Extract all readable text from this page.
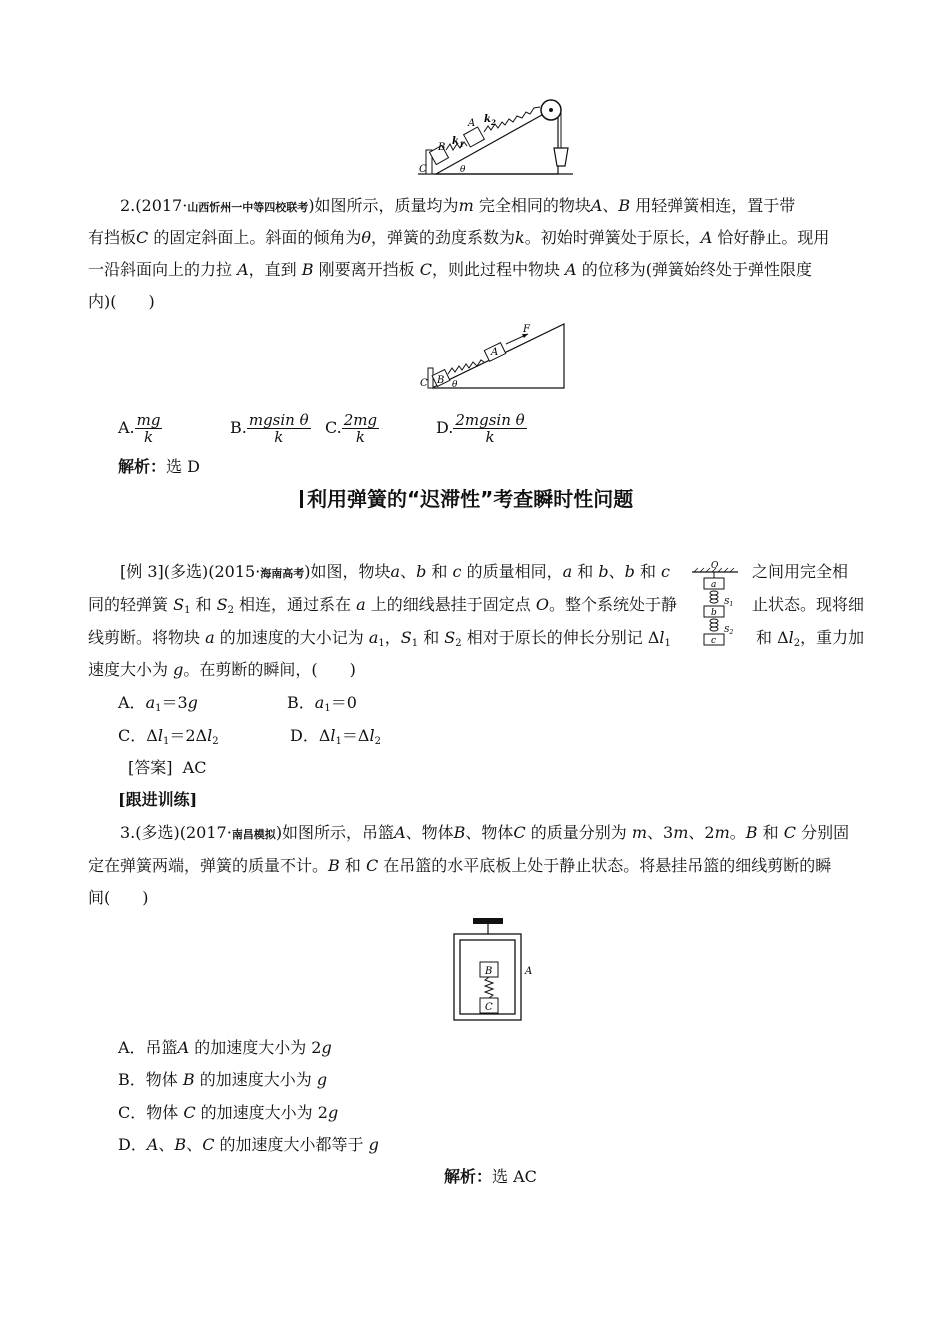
C
B
$k_1$
A $k_2$
θ
2.(2017·山西忻州一中等四校联考)如图所示，质量均为m 完全相同的物块A、B 用轻弹簧相连，置于带
有挡板C 的固定斜面上。斜面的倾角为θ，弹簧的劲度系数为k。初始时弹簧处于原长，A 恰好静止。现用
一沿斜面向上的力拉 A，直到 B 刚要离开挡板 C，则此过程中物块 A 的位移为(弹簧始终处于弹性限度
内)(　　)
F
A
B
C	θ
A. $\frac{mg}{k}$	B. $\frac{\text{mgsin θ}}{k} C$. $\frac{2mg}{k}$	D. $\frac{\text{2mgsin θ}}{k}$
解析：选 D
利用弹簧的“迟滞性”考查瞬时性问题
[例 3](多选)(2015·海南高考)如图，物块a、b 和 c 的质量相同，a 和 b、b 和 c	之间用完全相
同的轻弹簧 $S_1$ 和 $S_2$ 相连，通过系在 a 上的细线悬挂于固定点 O。整个系统处于静	止状态。现将细
线剪断。将物块 a 的加速度的大小记为 $a_1$，$S_1$ 和 $S_2$ 相对于原长的伸长分别记 $\Delta l_1$	和 $\Delta l_2$，重力加
速度大小为 g。在剪断的瞬间，(　　)
O
a
b
c
$S_1$
$S_2$
A．$a_1=3g$	B．$a_1=0$
C．$\Delta l_1=2\Delta l_2$	D．$\Delta l_1=\Delta l_2$
[答案] AC
[跟进训练]
3.(多选)(2017·南昌模拟)如图所示，吊篮A、物体B、物体C 的质量分别为 m、3m、2m。B 和 C 分别固
定在弹簧两端，弹簧的质量不计。B 和 C 在吊篮的水平底板上处于静止状态。将悬挂吊篮的细线剪断的瞬
间(　　)
B
C
A
A．吊篮A 的加速度大小为 2g
B．物体 B 的加速度大小为 g
C．物体 C 的加速度大小为 2g
D．A、B、C 的加速度大小都等于 g
解析：选 AC
